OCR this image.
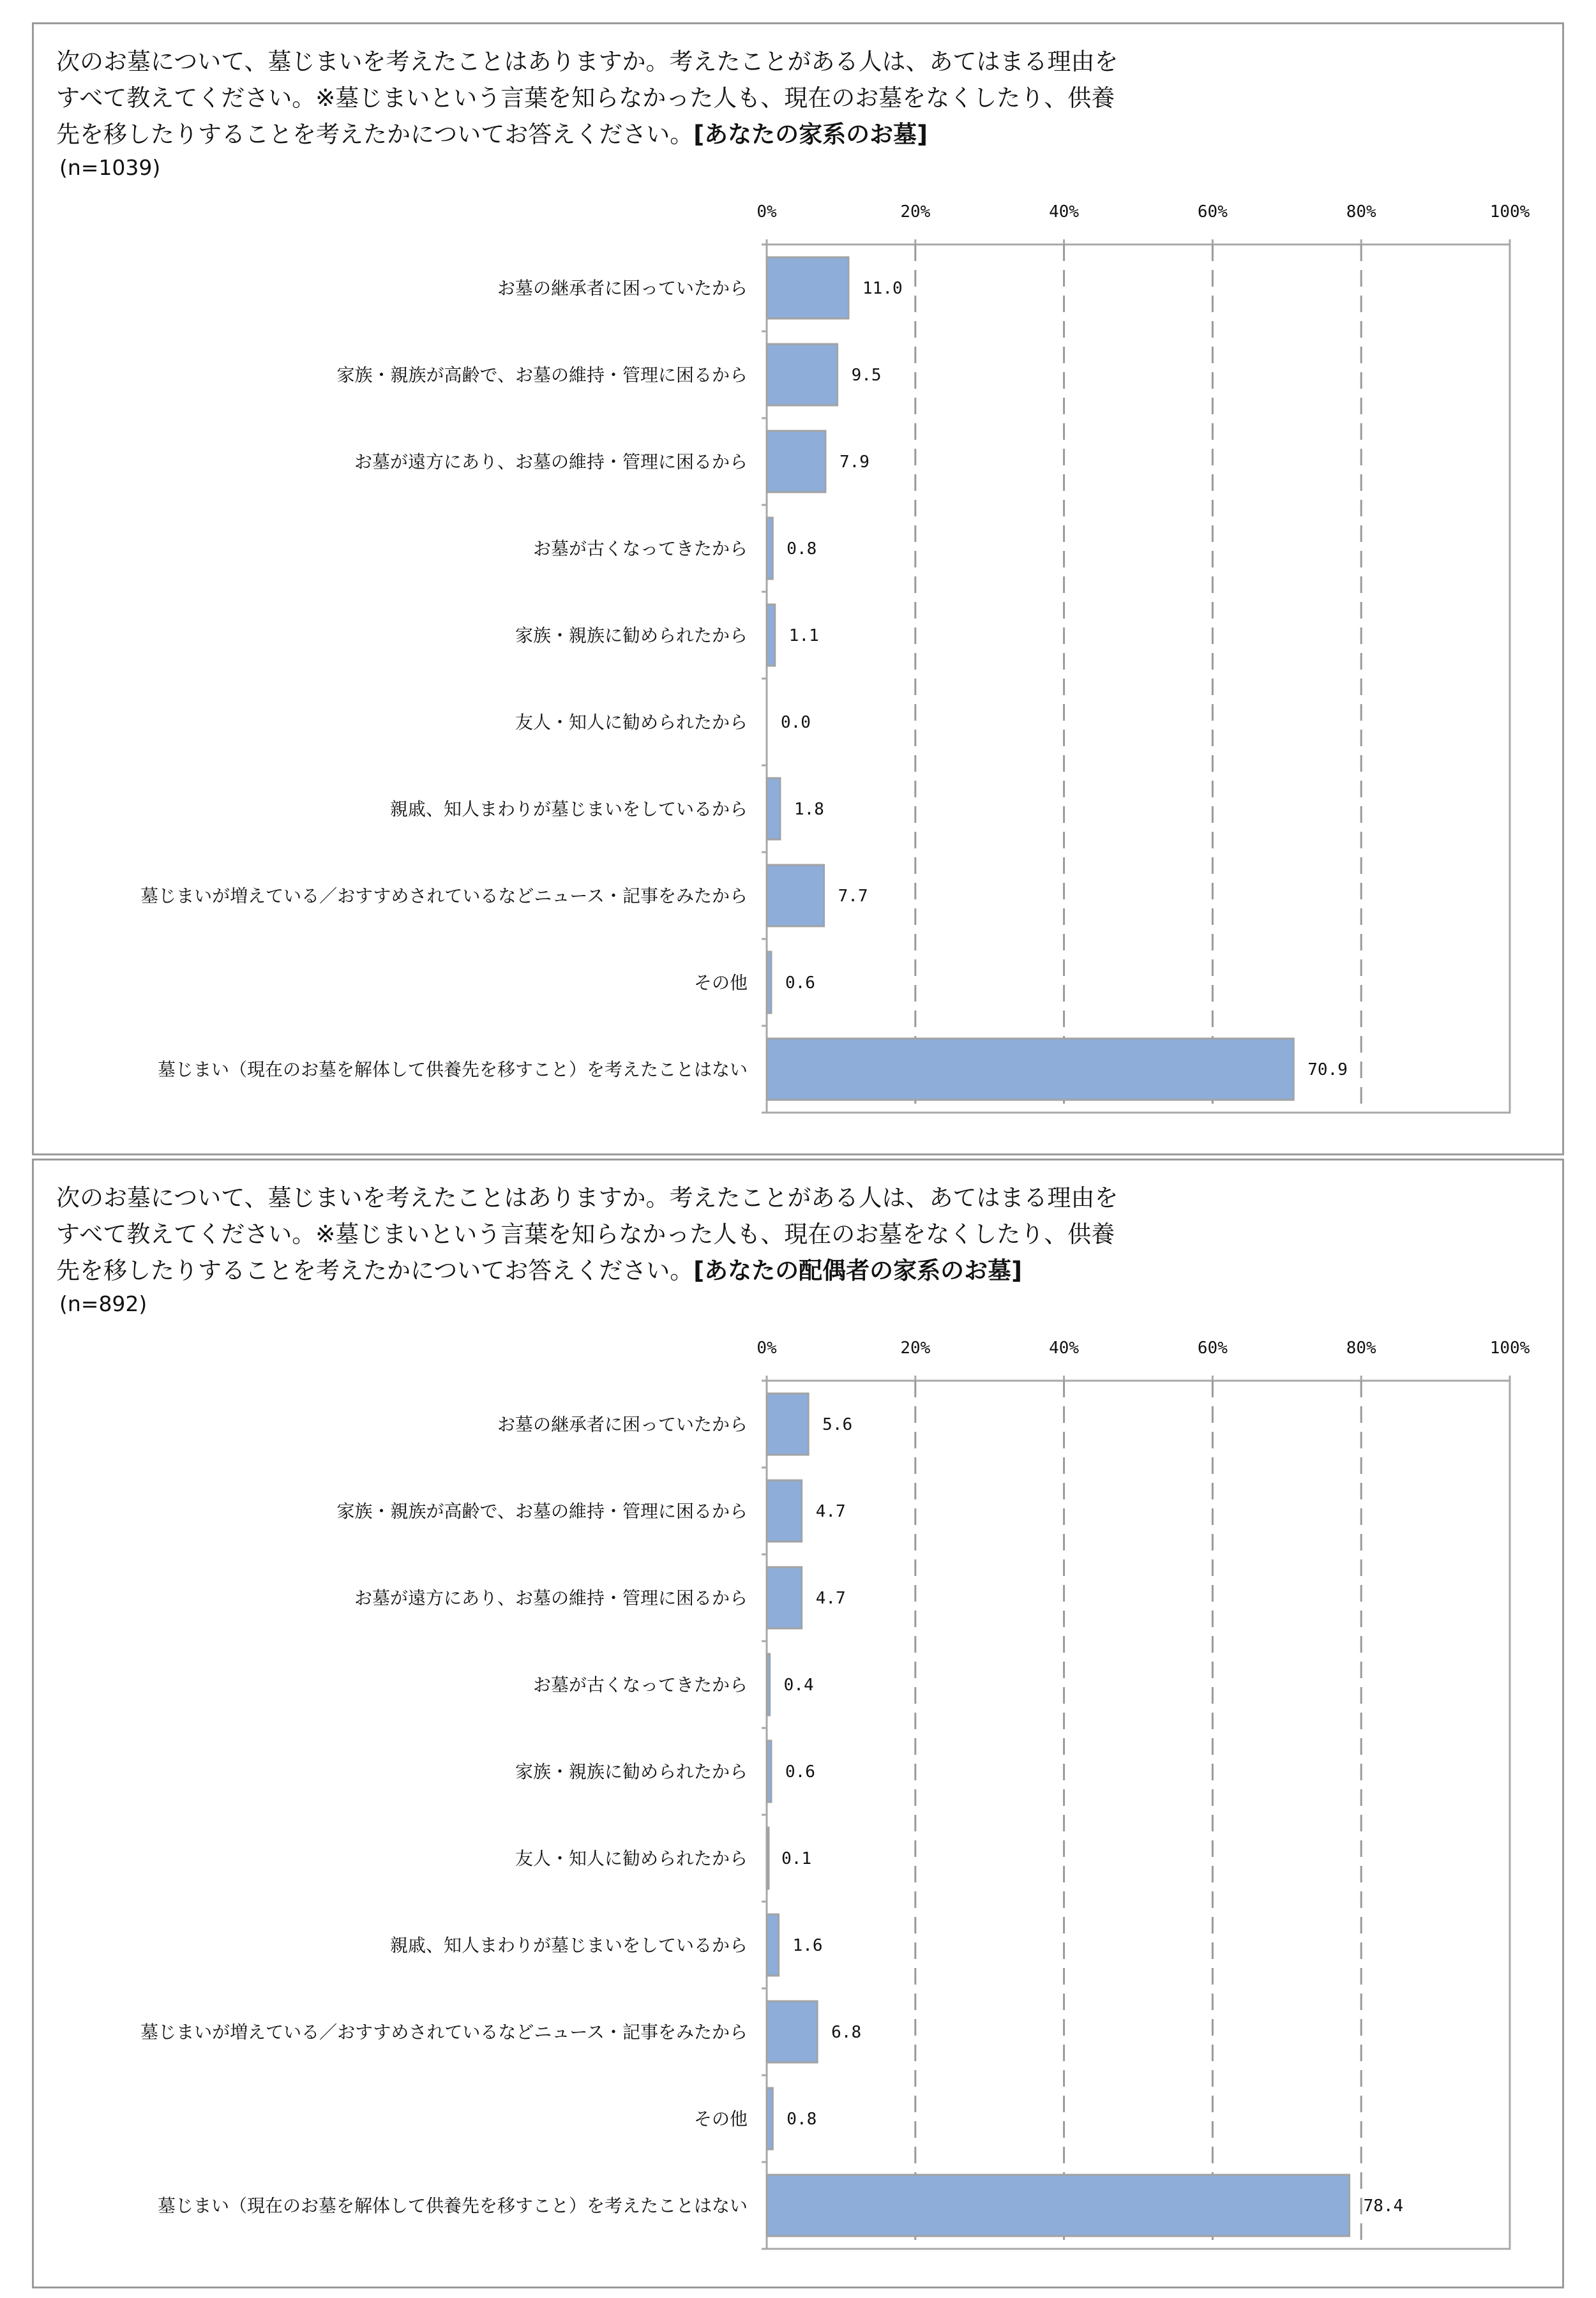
次のお墓について、墓じまいを考えたことはありますか。考えたことがある人は、あてはまる理由を
すべて教えてください。※墓じまいという言葉を知らなかった人も、現在のお墓をなくしたり、供養
先を移したりすることを考えたかについてお答えください。[あなたの家系のお墓]
(n=1039)
0%	20%	40%	60%	80%	100%
お墓の継承者に困っていたから	11.0
家族・親族が高齢で、お墓の維持・管理に困るから	9.5
お墓が遠方にあり、お墓の維持・管理に困るから	7.9
お墓が古くなってきたから 0.8
家族・親族に勧められたから 1.1
友人・知人に勧められたから 0.0
親戚、知人まわりが墓じまいをしているから	1.8
墓じまいが増えている／おすすめされているなどニュース・記事をみたから	7.7
その他 0.6
墓じまい（現在のお墓を解体して供養先を移すこと）を考えたことはない	70.9
次のお墓について、墓じまいを考えたことはありますか。考えたことがある人は、あてはまる理由を
すべて教えてください。※墓じまいという言葉を知らなかった人も、現在のお墓をなくしたり、供養
先を移したりすることを考えたかについてお答えください。[あなたの配偶者の家系のお墓]
(n=892)
0%	20%	40%	60%	80%	100%
お墓の継承者に困っていたから	5.6
家族・親族が高齢で、お墓の維持・管理に困るから	4.7
お墓が遠方にあり、お墓の維持・管理に困るから	4.7
お墓が古くなってきたから 0.4
家族・親族に勧められたから 0.6
友人・知人に勧められたから 0.1
親戚、知人まわりが墓じまいをしているから	1.6
墓じまいが増えている／おすすめされているなどニュース・記事をみたから	6.8
その他 0.8
墓じまい（現在のお墓を解体して供養先を移すこと）を考えたことはない	78.4
